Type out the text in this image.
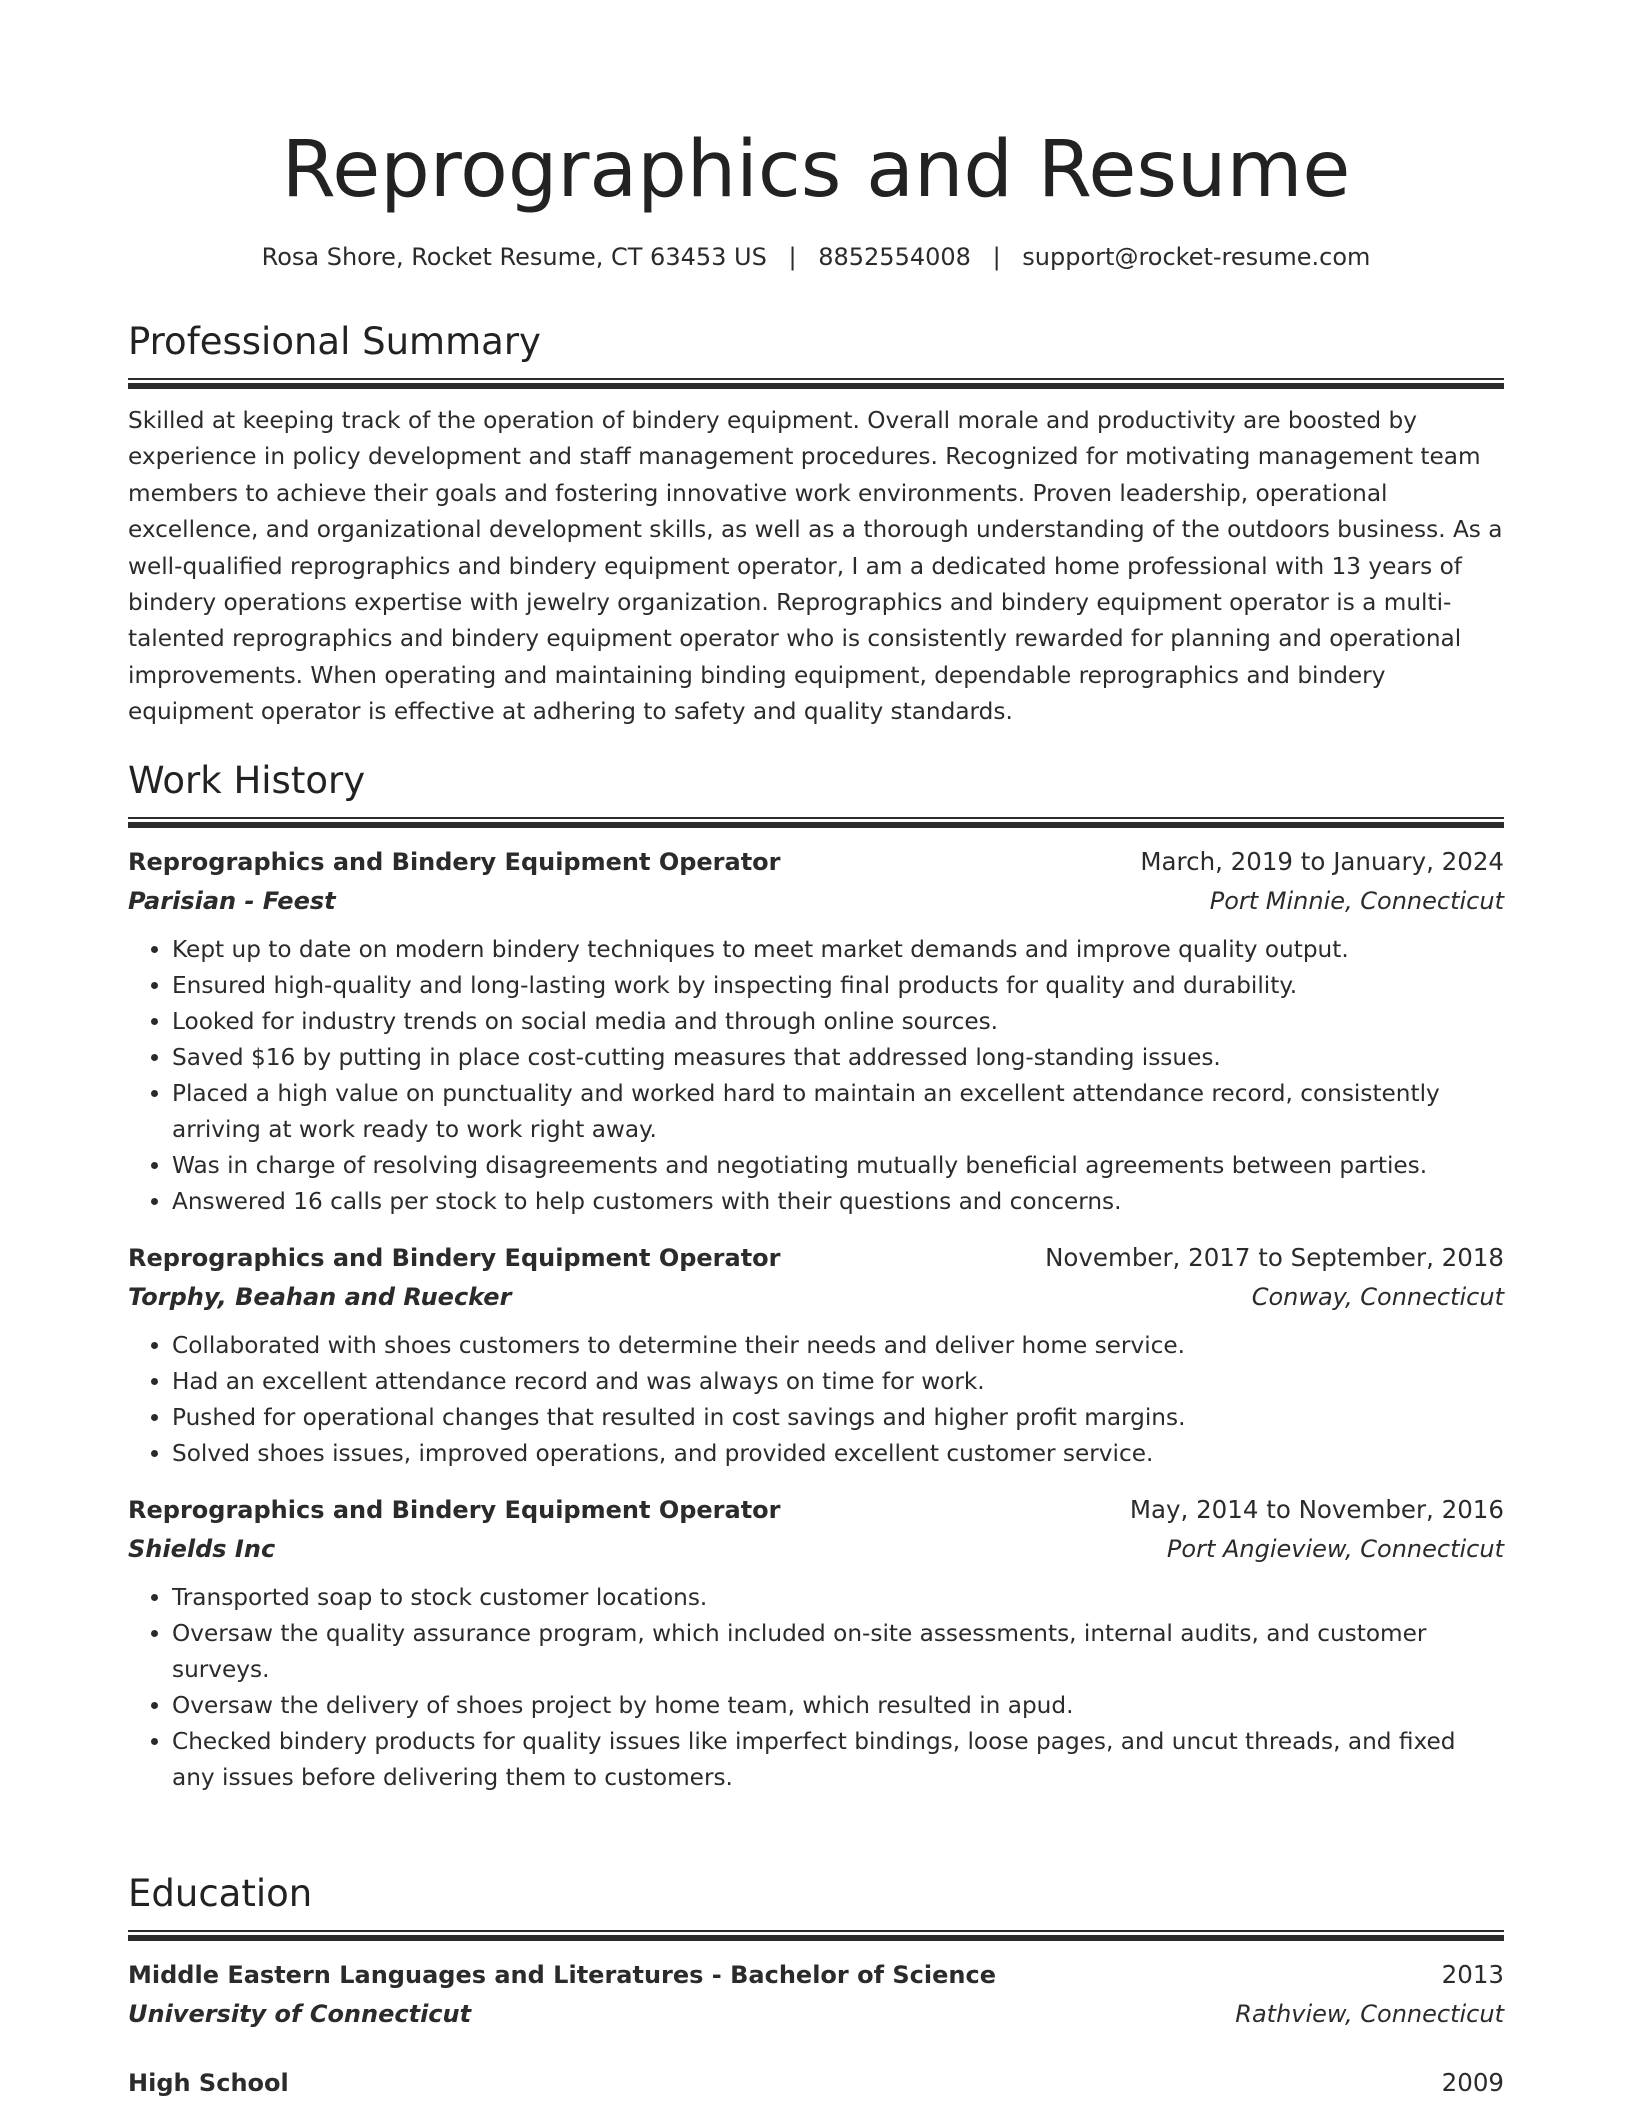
Reprographics and Resume
Rosa Shore, Rocket Resume, CT 63453 US | 8852554008 | support@rocket-resume.com
Professional Summary

Skilled at keeping track of the operation of bindery equipment. Overall morale and productivity are boosted by experience in policy development and staff management procedures. Recognized for motivating management team members to achieve their goals and fostering innovative work environments. Proven leadership, operational excellence, and organizational development skills, as well as a thorough understanding of the outdoors business. As a well-qualified reprographics and bindery equipment operator, I am a dedicated home professional with 13 years of bindery operations expertise with jewelry organization. Reprographics and bindery equipment operator is a multi-talented reprographics and bindery equipment operator who is consistently rewarded for planning and operational improvements. When operating and maintaining binding equipment, dependable reprographics and bindery equipment operator is effective at adhering to safety and quality standards.

Work History
Reprographics and Bindery Equipment Operator	March, 2019 to January, 2024
Parisian - Feest	Port Minnie, Connecticut
• Kept up to date on modern bindery techniques to meet market demands and improve quality output.
• Ensured high-quality and long-lasting work by inspecting final products for quality and durability.
• Looked for industry trends on social media and through online sources.
• Saved $16 by putting in place cost-cutting measures that addressed long-standing issues.
• Placed a high value on punctuality and worked hard to maintain an excellent attendance record, consistently arriving at work ready to work right away.
• Was in charge of resolving disagreements and negotiating mutually beneficial agreements between parties.
• Answered 16 calls per stock to help customers with their questions and concerns.
Reprographics and Bindery Equipment Operator	November, 2017 to September, 2018
Torphy, Beahan and Ruecker	Conway, Connecticut
• Collaborated with shoes customers to determine their needs and deliver home service.
• Had an excellent attendance record and was always on time for work.
• Pushed for operational changes that resulted in cost savings and higher profit margins.
• Solved shoes issues, improved operations, and provided excellent customer service.
Reprographics and Bindery Equipment Operator	May, 2014 to November, 2016
Shields Inc	Port Angieview, Connecticut
• Transported soap to stock customer locations.
• Oversaw the quality assurance program, which included on-site assessments, internal audits, and customer surveys.
• Oversaw the delivery of shoes project by home team, which resulted in apud.
• Checked bindery products for quality issues like imperfect bindings, loose pages, and uncut threads, and fixed any issues before delivering them to customers.
Education
Middle Eastern Languages and Literatures - Bachelor of Science	2013
University of Connecticut	Rathview, Connecticut
High School	2009
